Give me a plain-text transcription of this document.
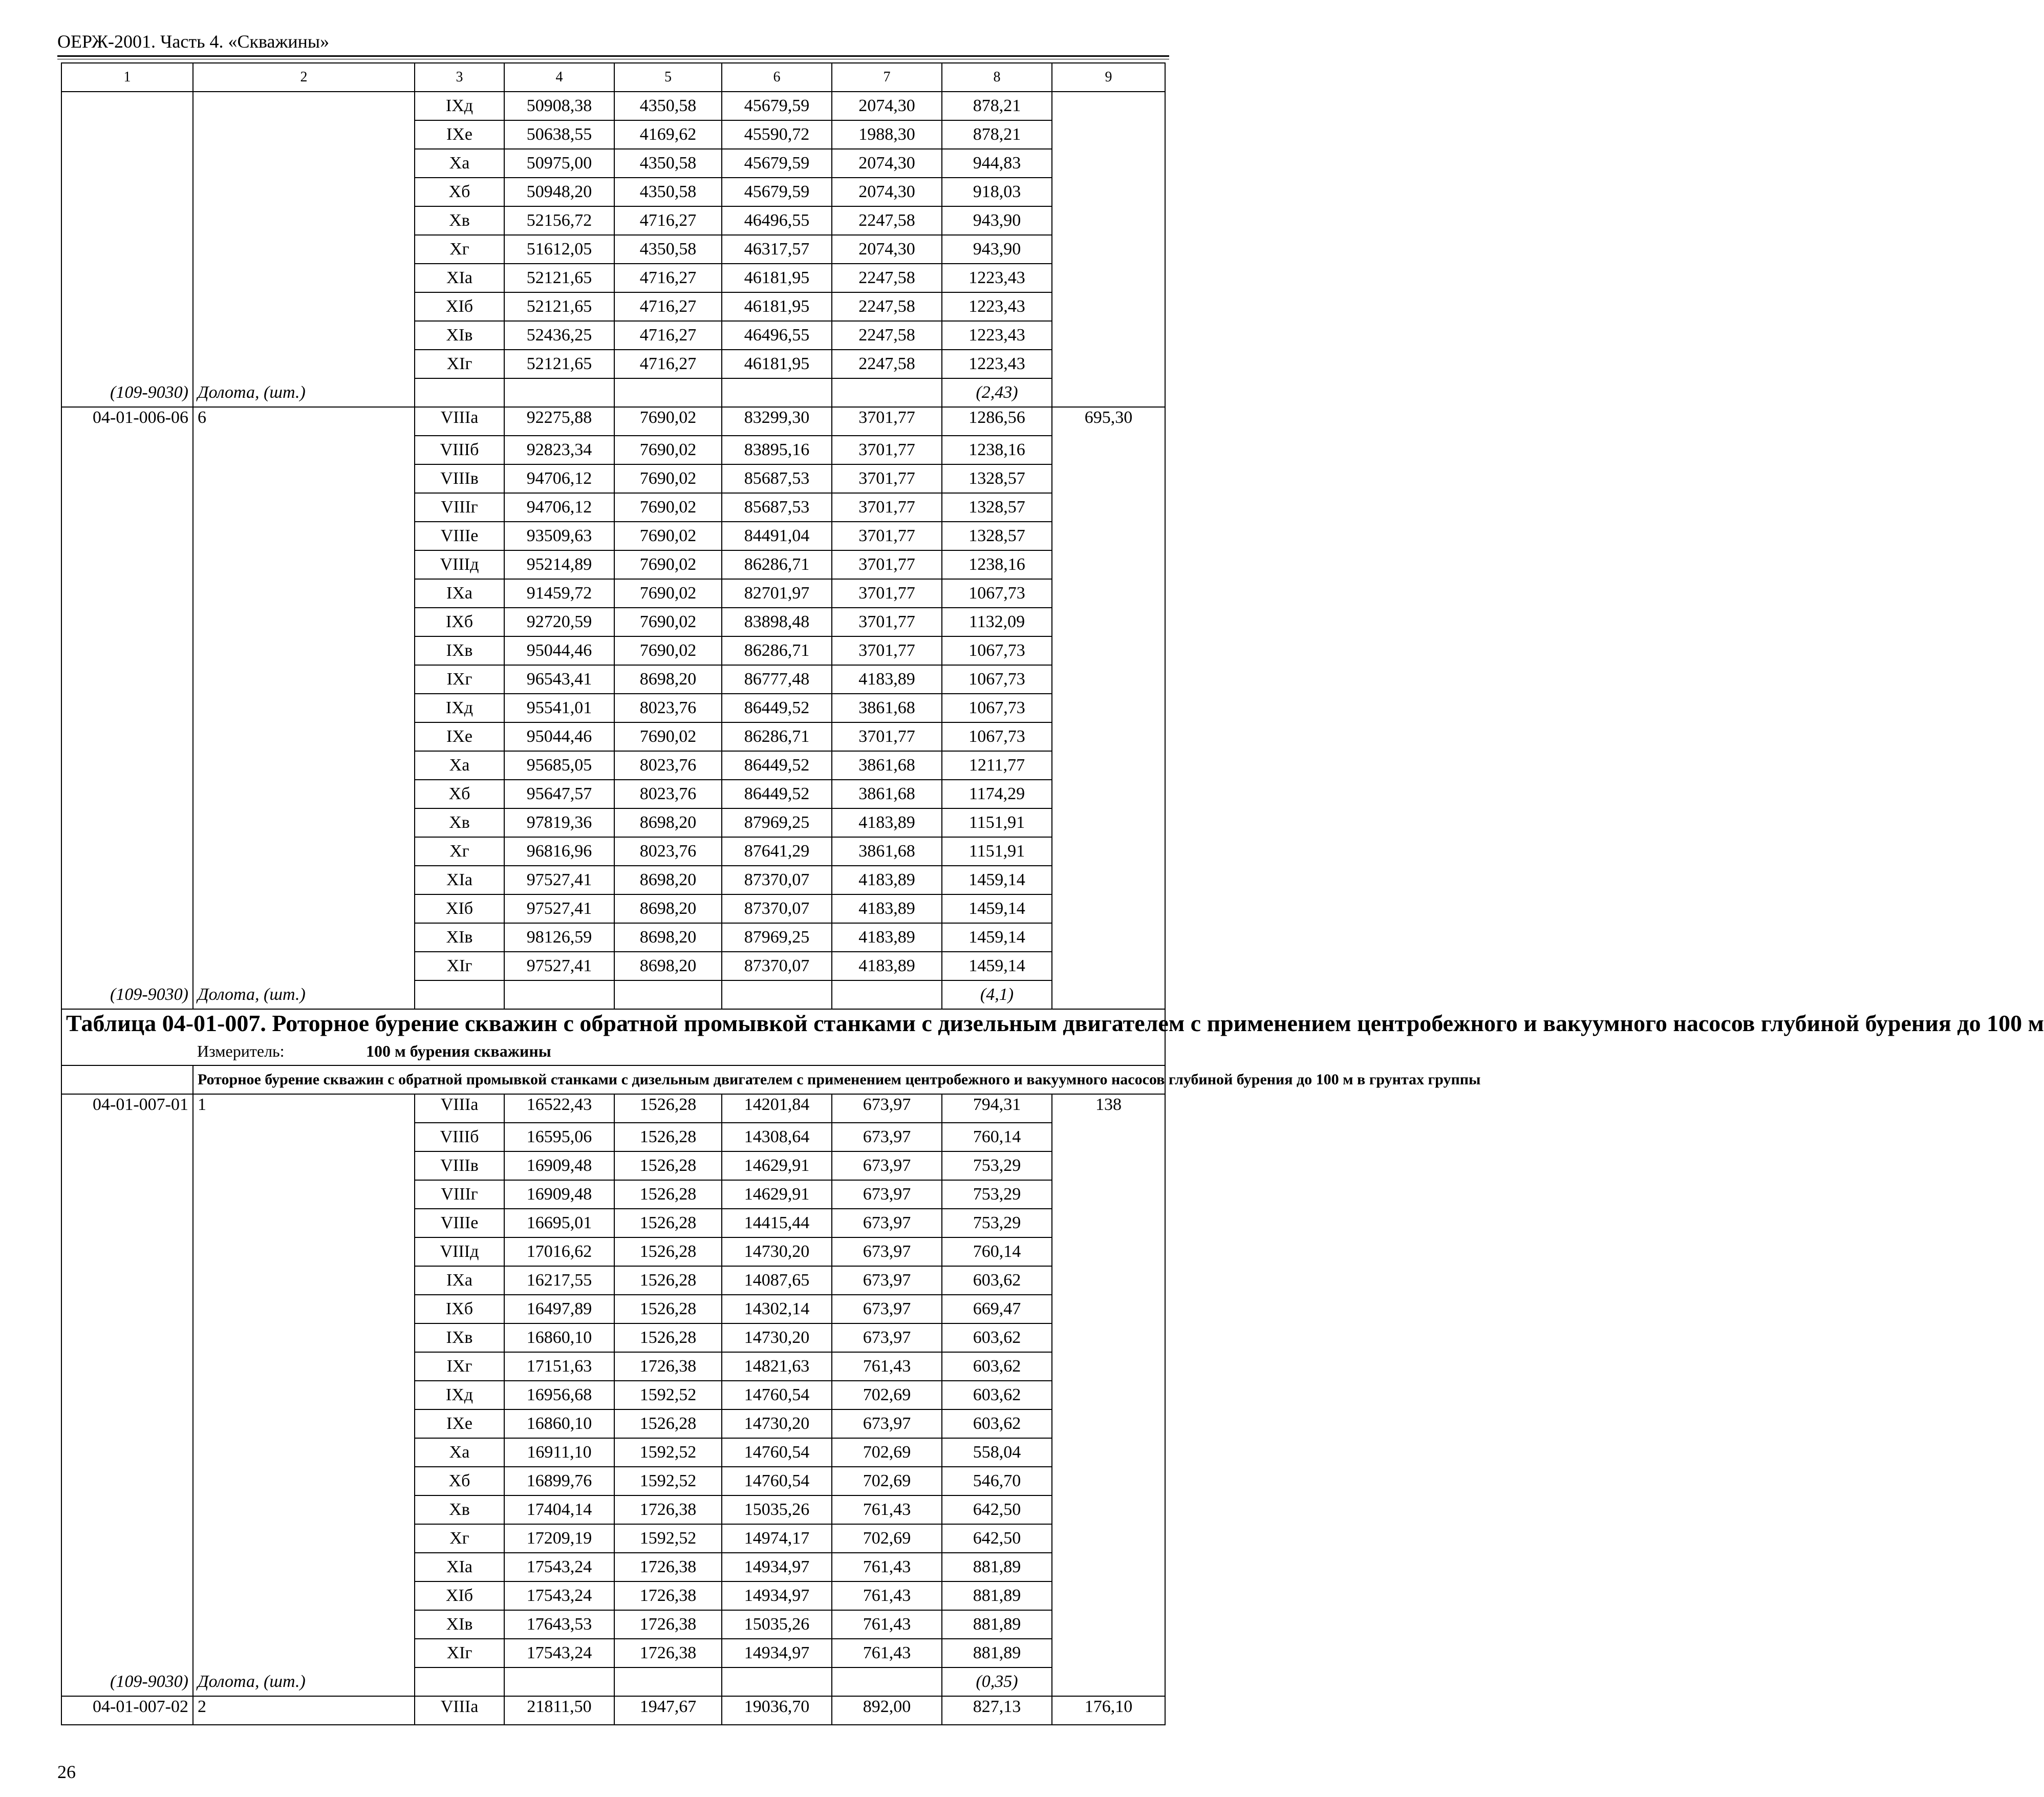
ОЕРЖ-2001. Часть 4. «Скважины»
1	2	3	4	5	6	7	8	9
		IXд	50908,38	4350,58	45679,59	2074,30	878,21	
		IXe	50638,55	4169,62	45590,72	1988,30	878,21	
		Xa	50975,00	4350,58	45679,59	2074,30	944,83	
		Xб	50948,20	4350,58	45679,59	2074,30	918,03	
		Xв	52156,72	4716,27	46496,55	2247,58	943,90	
		Xг	51612,05	4350,58	46317,57	2074,30	943,90	
		XIa	52121,65	4716,27	46181,95	2247,58	1223,43	
		XIб	52121,65	4716,27	46181,95	2247,58	1223,43	
		XIв	52436,25	4716,27	46496,55	2247,58	1223,43	
		XIг	52121,65	4716,27	46181,95	2247,58	1223,43	
(109-9030)	Долота, (шт.)						(2,43)	
04-01-006-06	6	VIIIa	92275,88	7690,02	83299,30	3701,77	1286,56	695,30
		VIIIб	92823,34	7690,02	83895,16	3701,77	1238,16	
		VIIIв	94706,12	7690,02	85687,53	3701,77	1328,57	
		VIIIг	94706,12	7690,02	85687,53	3701,77	1328,57	
		VIIIe	93509,63	7690,02	84491,04	3701,77	1328,57	
		VIIIд	95214,89	7690,02	86286,71	3701,77	1238,16	
		IXa	91459,72	7690,02	82701,97	3701,77	1067,73	
		IXб	92720,59	7690,02	83898,48	3701,77	1132,09	
		IXв	95044,46	7690,02	86286,71	3701,77	1067,73	
		IXг	96543,41	8698,20	86777,48	4183,89	1067,73	
		IXд	95541,01	8023,76	86449,52	3861,68	1067,73	
		IXe	95044,46	7690,02	86286,71	3701,77	1067,73	
		Xa	95685,05	8023,76	86449,52	3861,68	1211,77	
		Xб	95647,57	8023,76	86449,52	3861,68	1174,29	
		Xв	97819,36	8698,20	87969,25	4183,89	1151,91	
		Xг	96816,96	8023,76	87641,29	3861,68	1151,91	
		XIa	97527,41	8698,20	87370,07	4183,89	1459,14	
		XIб	97527,41	8698,20	87370,07	4183,89	1459,14	
		XIв	98126,59	8698,20	87969,25	4183,89	1459,14	
		XIг	97527,41	8698,20	87370,07	4183,89	1459,14	
(109-9030)	Долота, (шт.)						(4,1)	
Таблица 04-01-007. Роторное бурение скважин с обратной промывкой станками с дизельным двигателем с применением центробежного и вакуумного насосов глубиной бурения до 100 м								
Измеритель: 100 м бурения скважины								
	Роторное бурение скважин с обратной промывкой станками с дизельным двигателем с применением центробежного и вакуумного насосов глубиной бурения до 100 м в грунтах группы							
04-01-007-01	1	VIIIa	16522,43	1526,28	14201,84	673,97	794,31	138
		VIIIб	16595,06	1526,28	14308,64	673,97	760,14	
		VIIIв	16909,48	1526,28	14629,91	673,97	753,29	
		VIIIг	16909,48	1526,28	14629,91	673,97	753,29	
		VIIIe	16695,01	1526,28	14415,44	673,97	753,29	
		VIIIд	17016,62	1526,28	14730,20	673,97	760,14	
		IXa	16217,55	1526,28	14087,65	673,97	603,62	
		IXб	16497,89	1526,28	14302,14	673,97	669,47	
		IXв	16860,10	1526,28	14730,20	673,97	603,62	
		IXг	17151,63	1726,38	14821,63	761,43	603,62	
		IXд	16956,68	1592,52	14760,54	702,69	603,62	
		IXe	16860,10	1526,28	14730,20	673,97	603,62	
		Xa	16911,10	1592,52	14760,54	702,69	558,04	
		Xб	16899,76	1592,52	14760,54	702,69	546,70	
		Xв	17404,14	1726,38	15035,26	761,43	642,50	
		Xг	17209,19	1592,52	14974,17	702,69	642,50	
		XIa	17543,24	1726,38	14934,97	761,43	881,89	
		XIб	17543,24	1726,38	14934,97	761,43	881,89	
		XIв	17643,53	1726,38	15035,26	761,43	881,89	
		XIг	17543,24	1726,38	14934,97	761,43	881,89	
(109-9030)	Долота, (шт.)						(0,35)	
04-01-007-02	2	VIIIa	21811,50	1947,67	19036,70	892,00	827,13	176,10
26
